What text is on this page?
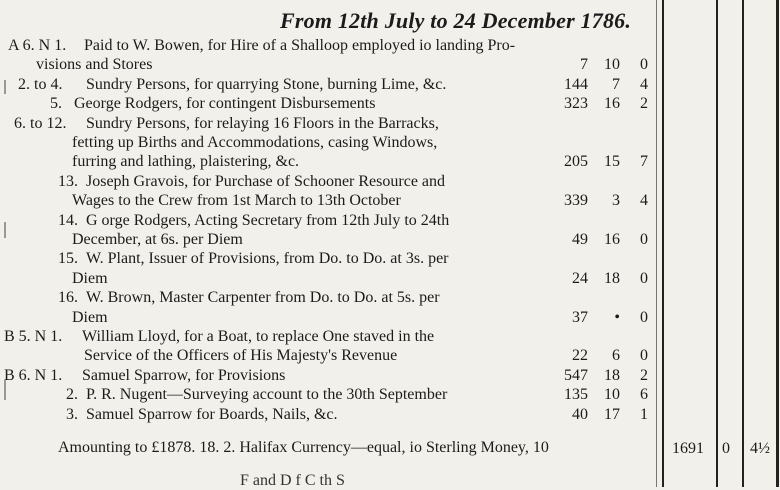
From 12th July to 24 December 1786.
A 6. N 1. Paid to W. Bowen, for Hire of a Shalloop employed io landing Pro-
visions and Stores	7	10	0
2. to 4. Sundry Persons, for quarrying Stone, burning Lime, &c.	144	7	4
5. George Rodgers, for contingent Disbursements	323	16	2
6. to 12. Sundry Persons, for relaying 16 Floors in the Barracks,
fetting up Births and Accommodations, casing Windows,
furring and lathing, plaistering, &c.	205	15	7
13. Joseph Gravois, for Purchase of Schooner Resource and
Wages to the Crew from 1st March to 13th October	339	3	4
14. G orge Rodgers, Acting Secretary from 12th July to 24th
December, at 6s. per Diem	49	16	0
15. W. Plant, Issuer of Provisions, from Do. to Do. at 3s. per
Diem	24	18	0
16. W. Brown, Master Carpenter from Do. to Do. at 5s. per
Diem	37	•	0
B 5. N 1. William Lloyd, for a Boat, to replace One staved in the
Service of the Officers of His Majesty's Revenue	22	6	0
B 6. N 1. Samuel Sparrow, for Provisions	547	18	2
2. P. R. Nugent—Surveying account to the 30th September	135	10	6
3. Samuel Sparrow for Boards, Nails, &c.	40	17	1
Amounting to £1878. 18. 2. Halifax Currency—equal, io Sterling Money, 10	1691 0 4½
F and D f C th S
